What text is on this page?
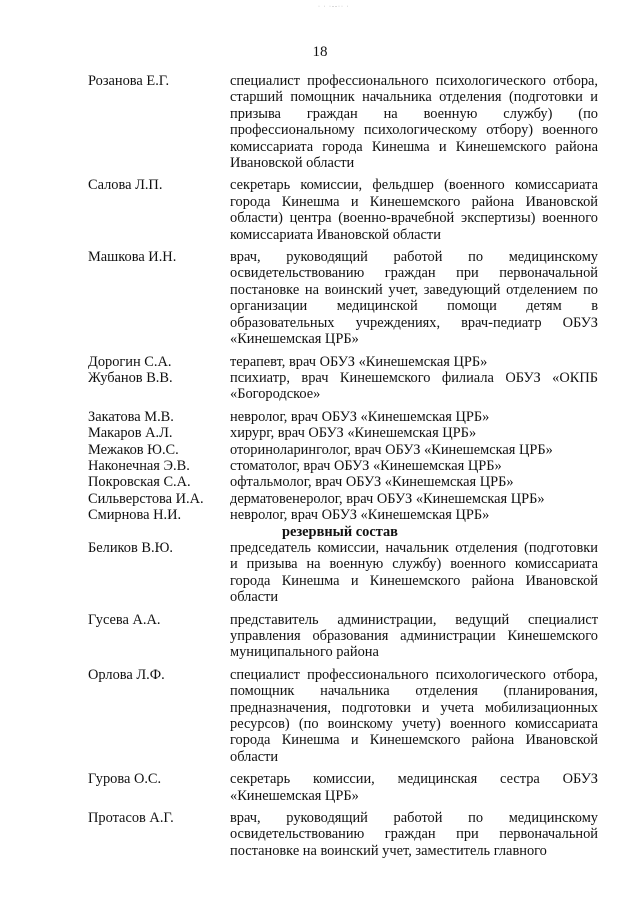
· · ·--·· ·
18
Розанова Е.Г.	специалист профессионального психологического отбора, старший помощник начальника отделения (подготовки и призыва граждан на военную службу) (по профессиональному психологическому отбору) военного комиссариата города Кинешма и Кинешемского района Ивановской области
Салова Л.П.	секретарь комиссии, фельдшер (военного комиссариата города Кинешма и Кинешемского района Ивановской области) центра (военно-врачебной экспертизы) военного комиссариата Ивановской области
Машкова И.Н.	врач, руководящий работой по медицинскому освидетельствованию граждан при первоначальной постановке на воинский учет, заведующий отделением по организации медицинской помощи детям в образовательных учреждениях, врач-педиатр ОБУЗ «Кинешемская ЦРБ»
Дорогин С.А.	терапевт, врач ОБУЗ «Кинешемская ЦРБ»
Жубанов В.В.	психиатр, врач Кинешемского филиала ОБУЗ «ОКПБ «Богородское»
Закатова М.В.	невролог, врач ОБУЗ «Кинешемская ЦРБ»
Макаров А.Л.	хирург, врач ОБУЗ «Кинешемская ЦРБ»
Межаков Ю.С.	оториноларинголог, врач ОБУЗ «Кинешемская ЦРБ»
Наконечная Э.В.	стоматолог, врач ОБУЗ «Кинешемская ЦРБ»
Покровская С.А.	офтальмолог, врач ОБУЗ «Кинешемская ЦРБ»
Сильверстова И.А.	дерматовенеролог, врач ОБУЗ «Кинешемская ЦРБ»
Смирнова Н.И.	невролог, врач ОБУЗ «Кинешемская ЦРБ»
резервный состав
Беликов В.Ю.	председатель комиссии, начальник отделения (подготовки и призыва на военную службу) военного комиссариата города Кинешма и Кинешемского района Ивановской области
Гусева А.А.	представитель администрации, ведущий специалист управления образования администрации Кинешемского муниципального района
Орлова Л.Ф.	специалист профессионального психологического отбора, помощник начальника отделения (планирования, предназначения, подготовки и учета мобилизационных ресурсов) (по воинскому учету) военного комиссариата города Кинешма и Кинешемского района Ивановской области
Гурова О.С.	секретарь комиссии, медицинская сестра ОБУЗ «Кинешемская ЦРБ»
Протасов А.Г.	врач, руководящий работой по медицинскому освидетельствованию граждан при первоначальной постановке на воинский учет, заместитель главного
